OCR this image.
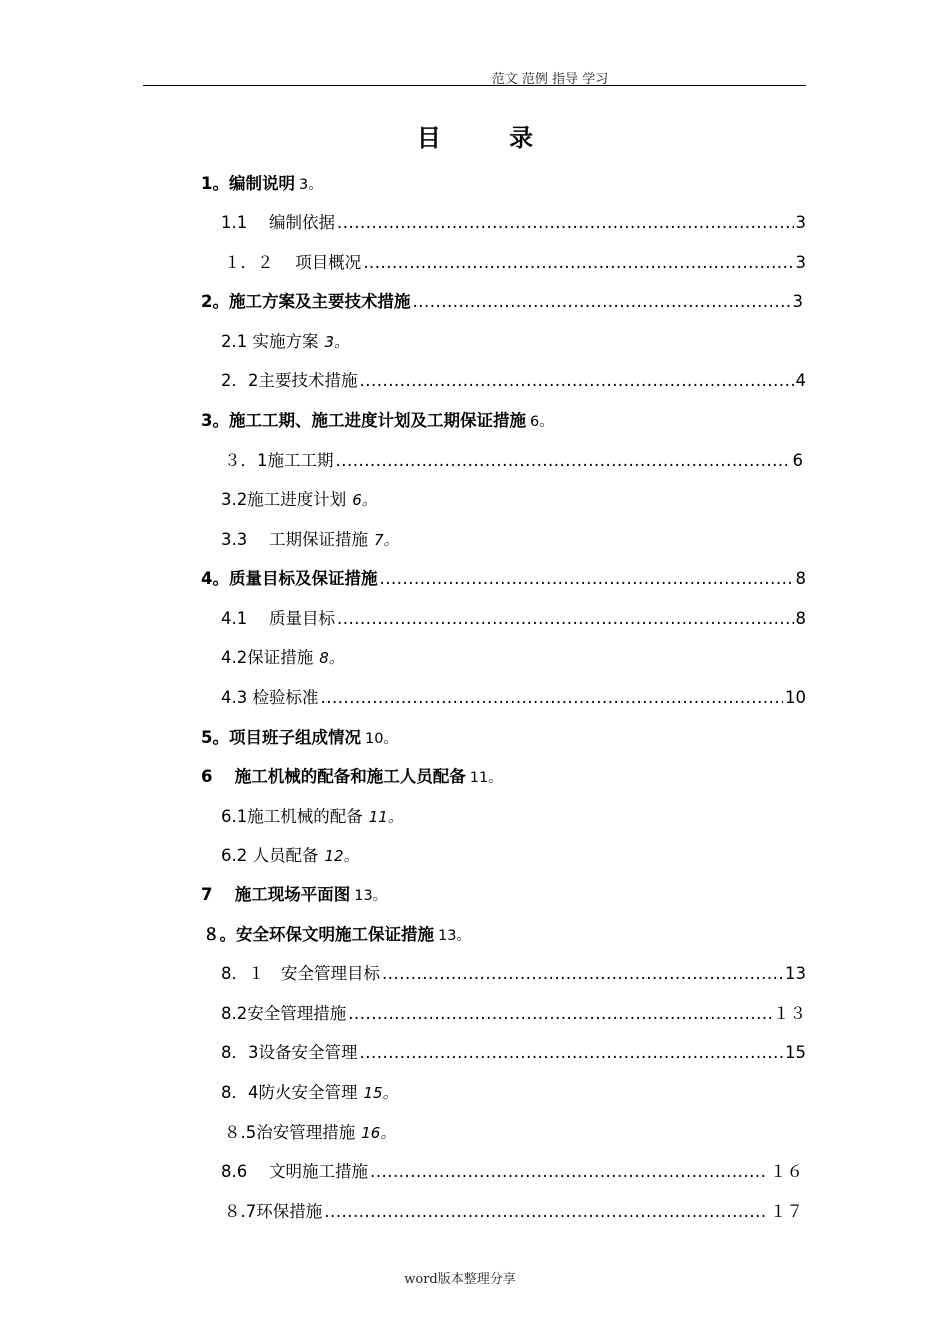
范文 范例 指导 学习
目 录
1。编制说明 3。
1.1　 编制依据 .....	3
１．２　 项目概况 .....	3
2。施工方案及主要技术措施 .....	3
2.1 实施方案 3。
2．2主要技术措施 .....	4
3。施工工期、施工进度计划及工期保证措施 6。
３．1施工工期 .....	6
3.2施工进度计划 6。
3.3　 工期保证措施 7。
4。质量目标及保证措施 .....	8
4.1　 质量目标 .....	8
4.2保证措施 8。
4.3 检验标准 .....	10
5。项目班子组成情况 10。
6　 施工机械的配备和施工人员配备 11。
6.1施工机械的配备 11。
6.2 人员配备 12。
7　 施工现场平面图 13。
８。安全环保文明施工保证措施 13。
8．１　安全管理目标 .....	13
8.2安全管理措施 .....	１３
8．3设备安全管理 .....	15
8．4防火安全管理 15。
８.5治安管理措施 16。
8.6　 文明施工措施 .....	１６
８.7环保措施 .....	１７
word版本整理分享
